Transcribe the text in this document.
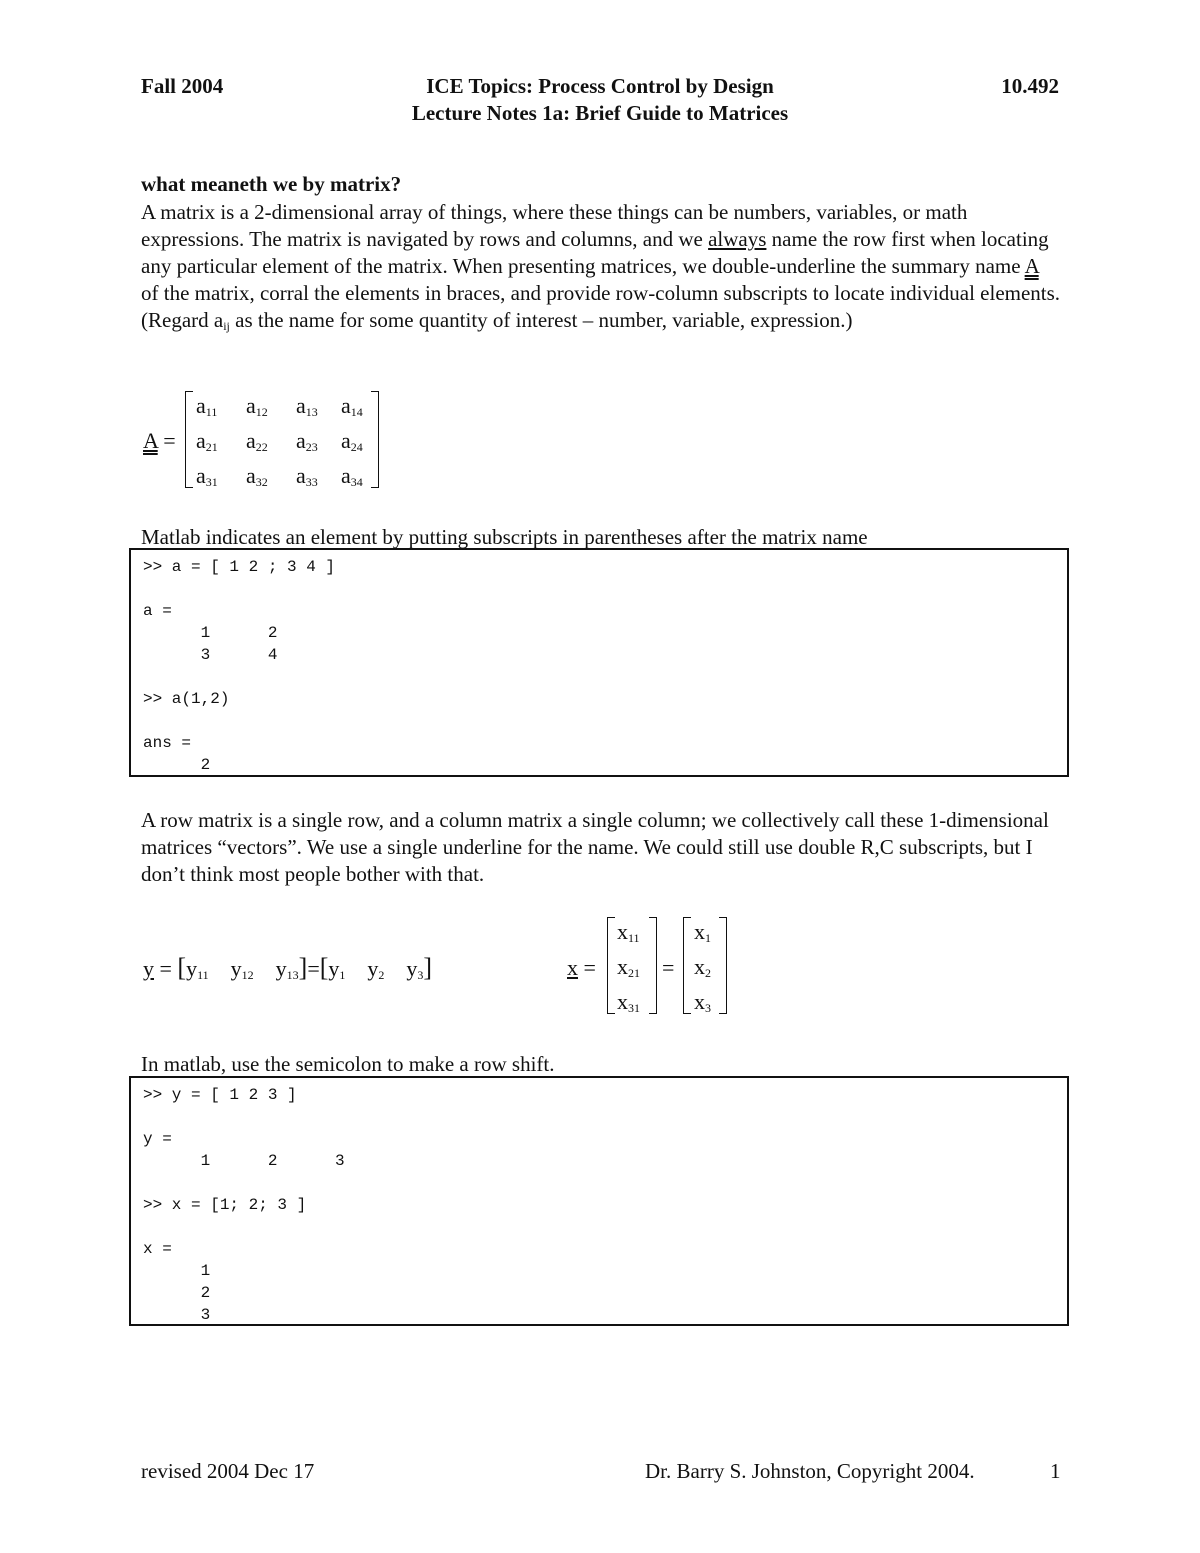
Fall 2004	ICE Topics: Process Control by Design	10.492
Lecture Notes 1a: Brief Guide to Matrices
what meaneth we by matrix?
A matrix is a 2-dimensional array of things, where these things can be numbers, variables, or math expressions. The matrix is navigated by rows and columns, and we always name the row first when locating any particular element of the matrix. When presenting matrices, we double-underline the summary name A of the matrix, corral the elements in braces, and provide row-column subscripts to locate individual elements. (Regard $a_{ij}$ as the name for some quantity of interest – number, variable, expression.)
A =
$a_{11}$ $a_{12}$ $a_{13}$ $a_{14}$
$a_{21}$ $a_{22}$ $a_{23}$ $a_{24}$
$a_{31}$ $a_{32}$ $a_{33}$ $a_{34}$
Matlab indicates an element by putting subscripts in parentheses after the matrix name
>> a = [ 1 2 ; 3 4 ]

a =
1      2
3      4

>> a(1,2)

ans =
2
A row matrix is a single row, and a column matrix a single column; we collectively call these 1-dimensional matrices “vectors”. We use a single underline for the name. We could still use double R,C subscripts, but I don’t think most people bother with that.
$y = [y_{11}$ $y_{12}$ $y_{13}]=[y_1$ $y_2$ $y_3$]	x =	=
$x_{11}$ $x_1$
$x_{21}$ $x_2$
$x_{31}$ $x_3$
In matlab, use the semicolon to make a row shift.
>> y = [ 1 2 3 ]

y =
1      2      3

>> x = [1; 2; 3 ]

x =
1
2
3
revised 2004 Dec 17	Dr. Barry S. Johnston, Copyright 2004.	1
